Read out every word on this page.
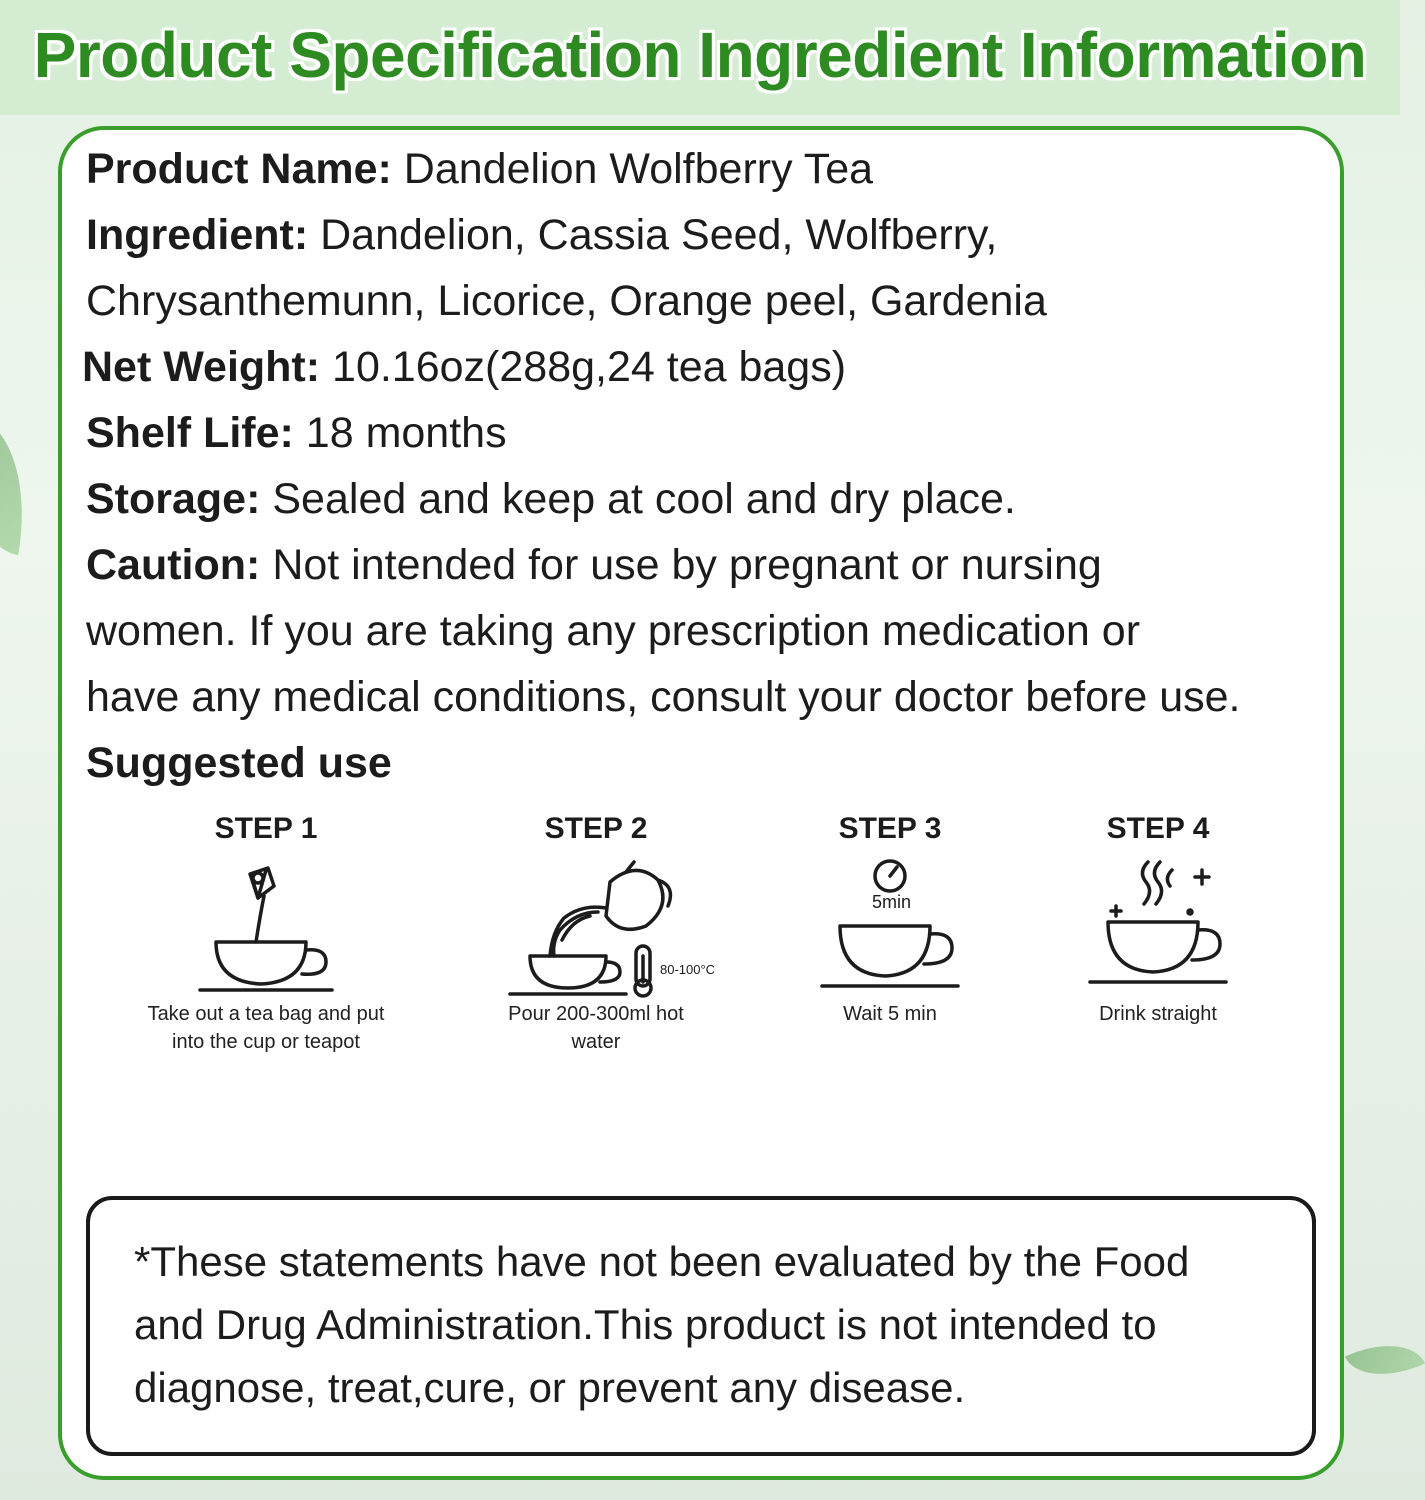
Product Specification Ingredient Information
Product Name: Dandelion Wolfberry Tea
Ingredient: Dandelion, Cassia Seed, Wolfberry,
Chrysanthemunn, Licorice, Orange peel, Gardenia
Net Weight: 10.16oz(288g,24 tea bags)
Shelf Life: 18 months
Storage: Sealed and keep at cool and dry place.
Caution: Not intended for use by pregnant or nursing
women. If you are taking any prescription medication or
have any medical conditions, consult your doctor before use.
Suggested use
STEP 1
Take out a tea bag and put
into the cup or teapot
STEP 2
80-100°C
Pour 200-300ml hot
water
STEP 3
5min
Wait 5 min
STEP 4
Drink straight
*These statements have not been evaluated by the Food
and Drug Administration.This product is not intended to
diagnose, treat,cure, or prevent any disease.
